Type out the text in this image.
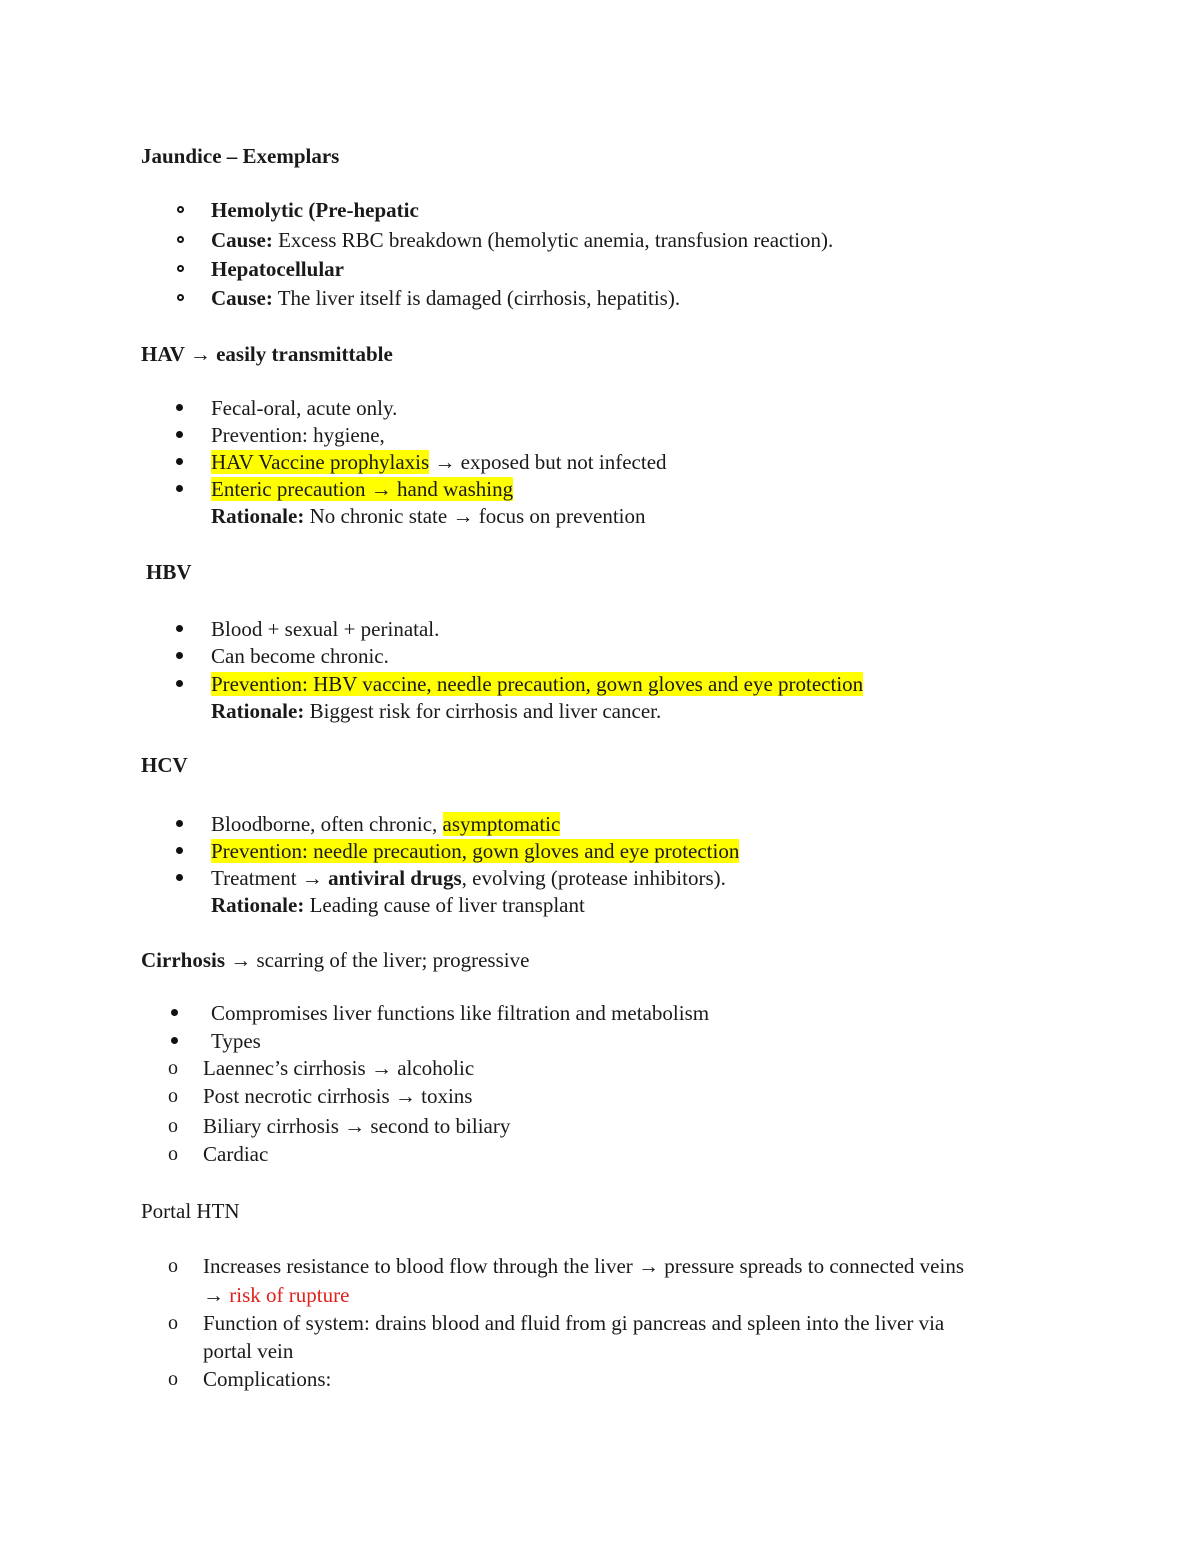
Jaundice – Exemplars
Hemolytic (Pre-hepatic
Cause: Excess RBC breakdown (hemolytic anemia, transfusion reaction).
Hepatocellular
Cause: The liver itself is damaged (cirrhosis, hepatitis).
HAV → easily transmittable
Fecal-oral, acute only.
Prevention: hygiene,
HAV Vaccine prophylaxis → exposed but not infected
Enteric precaution → hand washing
Rationale: No chronic state → focus on prevention
HBV
Blood + sexual + perinatal.
Can become chronic.
Prevention: HBV vaccine, needle precaution, gown gloves and eye protection
Rationale: Biggest risk for cirrhosis and liver cancer.
HCV
Bloodborne, often chronic, asymptomatic
Prevention: needle precaution, gown gloves and eye protection
Treatment → antiviral drugs, evolving (protease inhibitors).
Rationale: Leading cause of liver transplant
Cirrhosis → scarring of the liver; progressive
Compromises liver functions like filtration and metabolism
Types
o Laennec’s cirrhosis → alcoholic
o Post necrotic cirrhosis → toxins
o Biliary cirrhosis → second to biliary
o Cardiac
Portal HTN
o Increases resistance to blood flow through the liver → pressure spreads to connected veins
→ risk of rupture
o Function of system: drains blood and fluid from gi pancreas and spleen into the liver via
portal vein
o Complications:
